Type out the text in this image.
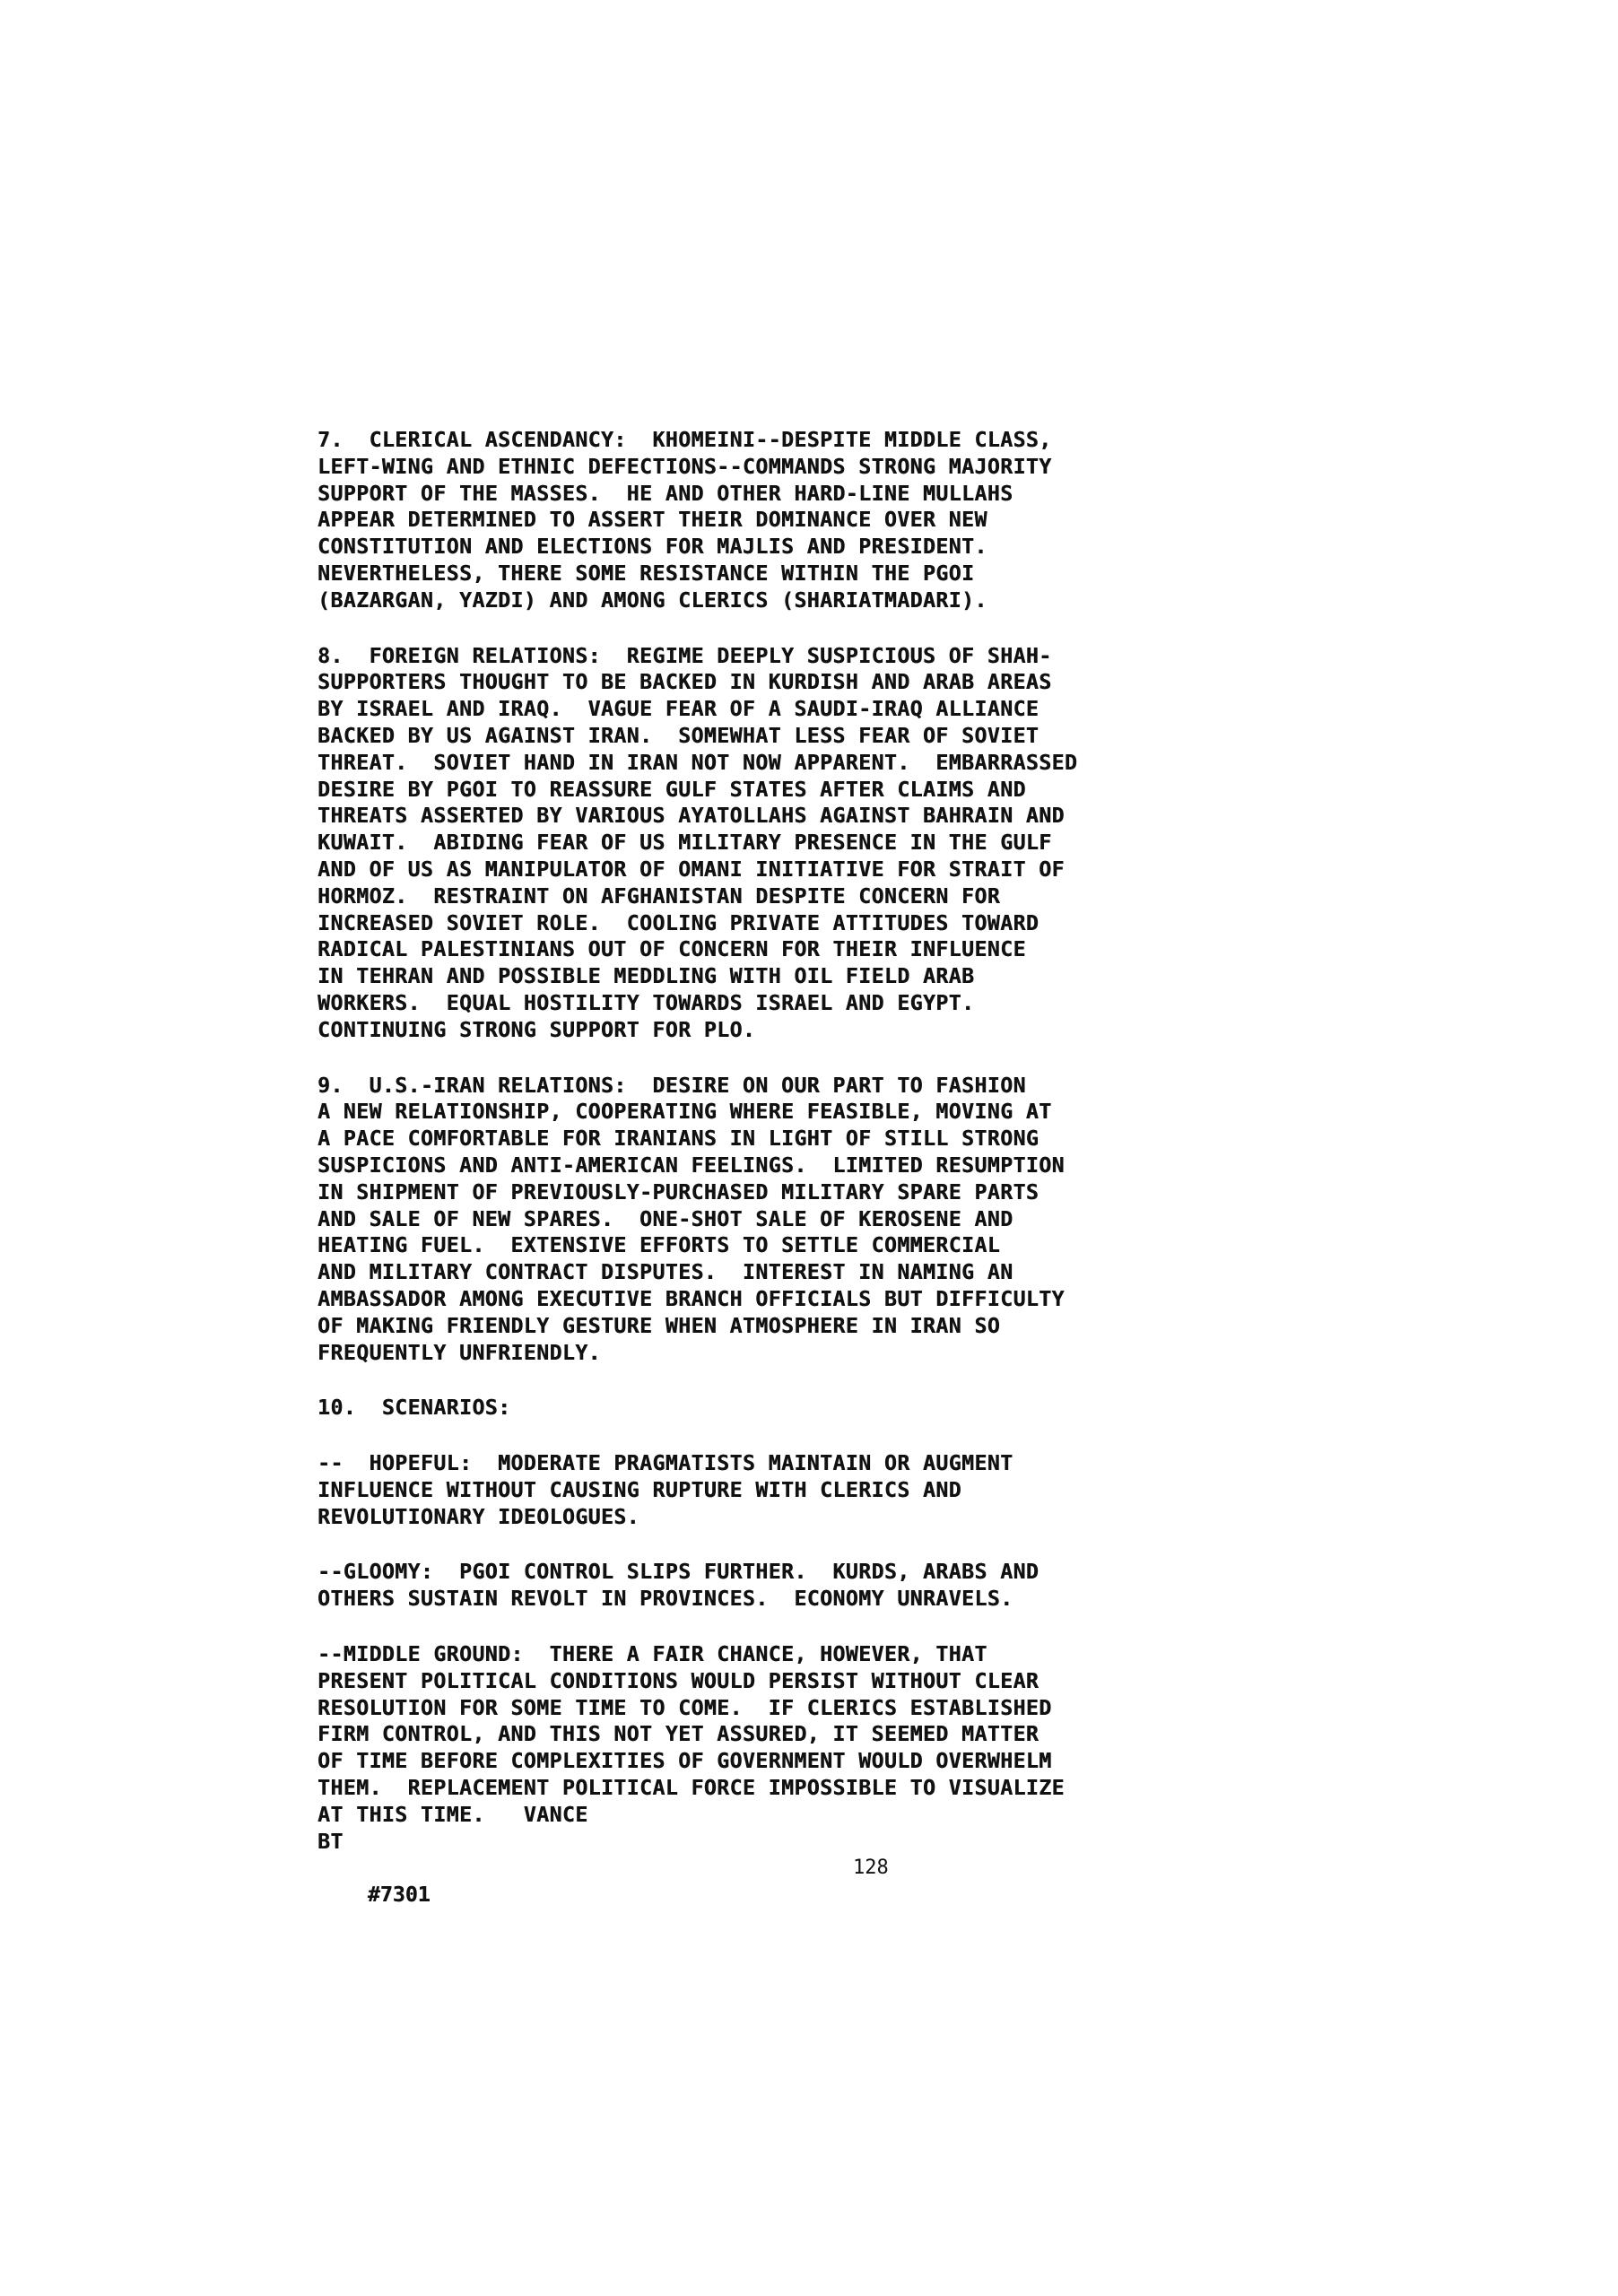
7.  CLERICAL ASCENDANCY:  KHOMEINI--DESPITE MIDDLE CLASS,
LEFT-WING AND ETHNIC DEFECTIONS--COMMANDS STRONG MAJORITY
SUPPORT OF THE MASSES.  HE AND OTHER HARD-LINE MULLAHS
APPEAR DETERMINED TO ASSERT THEIR DOMINANCE OVER NEW
CONSTITUTION AND ELECTIONS FOR MAJLIS AND PRESIDENT.
NEVERTHELESS, THERE SOME RESISTANCE WITHIN THE PGOI
(BAZARGAN, YAZDI) AND AMONG CLERICS (SHARIATMADARI).
8.  FOREIGN RELATIONS:  REGIME DEEPLY SUSPICIOUS OF SHAH-
SUPPORTERS THOUGHT TO BE BACKED IN KURDISH AND ARAB AREAS
BY ISRAEL AND IRAQ.  VAGUE FEAR OF A SAUDI-IRAQ ALLIANCE
BACKED BY US AGAINST IRAN.  SOMEWHAT LESS FEAR OF SOVIET
THREAT.  SOVIET HAND IN IRAN NOT NOW APPARENT.  EMBARRASSED
DESIRE BY PGOI TO REASSURE GULF STATES AFTER CLAIMS AND
THREATS ASSERTED BY VARIOUS AYATOLLAHS AGAINST BAHRAIN AND
KUWAIT.  ABIDING FEAR OF US MILITARY PRESENCE IN THE GULF
AND OF US AS MANIPULATOR OF OMANI INITIATIVE FOR STRAIT OF
HORMOZ.  RESTRAINT ON AFGHANISTAN DESPITE CONCERN FOR
INCREASED SOVIET ROLE.  COOLING PRIVATE ATTITUDES TOWARD
RADICAL PALESTINIANS OUT OF CONCERN FOR THEIR INFLUENCE
IN TEHRAN AND POSSIBLE MEDDLING WITH OIL FIELD ARAB
WORKERS.  EQUAL HOSTILITY TOWARDS ISRAEL AND EGYPT.
CONTINUING STRONG SUPPORT FOR PLO.
9.  U.S.-IRAN RELATIONS:  DESIRE ON OUR PART TO FASHION
A NEW RELATIONSHIP, COOPERATING WHERE FEASIBLE, MOVING AT
A PACE COMFORTABLE FOR IRANIANS IN LIGHT OF STILL STRONG
SUSPICIONS AND ANTI-AMERICAN FEELINGS.  LIMITED RESUMPTION
IN SHIPMENT OF PREVIOUSLY-PURCHASED MILITARY SPARE PARTS
AND SALE OF NEW SPARES.  ONE-SHOT SALE OF KEROSENE AND
HEATING FUEL.  EXTENSIVE EFFORTS TO SETTLE COMMERCIAL
AND MILITARY CONTRACT DISPUTES.  INTEREST IN NAMING AN
AMBASSADOR AMONG EXECUTIVE BRANCH OFFICIALS BUT DIFFICULTY
OF MAKING FRIENDLY GESTURE WHEN ATMOSPHERE IN IRAN SO
FREQUENTLY UNFRIENDLY.
10.  SCENARIOS:
--  HOPEFUL:  MODERATE PRAGMATISTS MAINTAIN OR AUGMENT
INFLUENCE WITHOUT CAUSING RUPTURE WITH CLERICS AND
REVOLUTIONARY IDEOLOGUES.
--GLOOMY:  PGOI CONTROL SLIPS FURTHER.  KURDS, ARABS AND
OTHERS SUSTAIN REVOLT IN PROVINCES.  ECONOMY UNRAVELS.
--MIDDLE GROUND:  THERE A FAIR CHANCE, HOWEVER, THAT
PRESENT POLITICAL CONDITIONS WOULD PERSIST WITHOUT CLEAR
RESOLUTION FOR SOME TIME TO COME.  IF CLERICS ESTABLISHED
FIRM CONTROL, AND THIS NOT YET ASSURED, IT SEEMED MATTER
OF TIME BEFORE COMPLEXITIES OF GOVERNMENT WOULD OVERWHELM
THEM.  REPLACEMENT POLITICAL FORCE IMPOSSIBLE TO VISUALIZE
AT THIS TIME.   VANCE
BT

#7301

128
